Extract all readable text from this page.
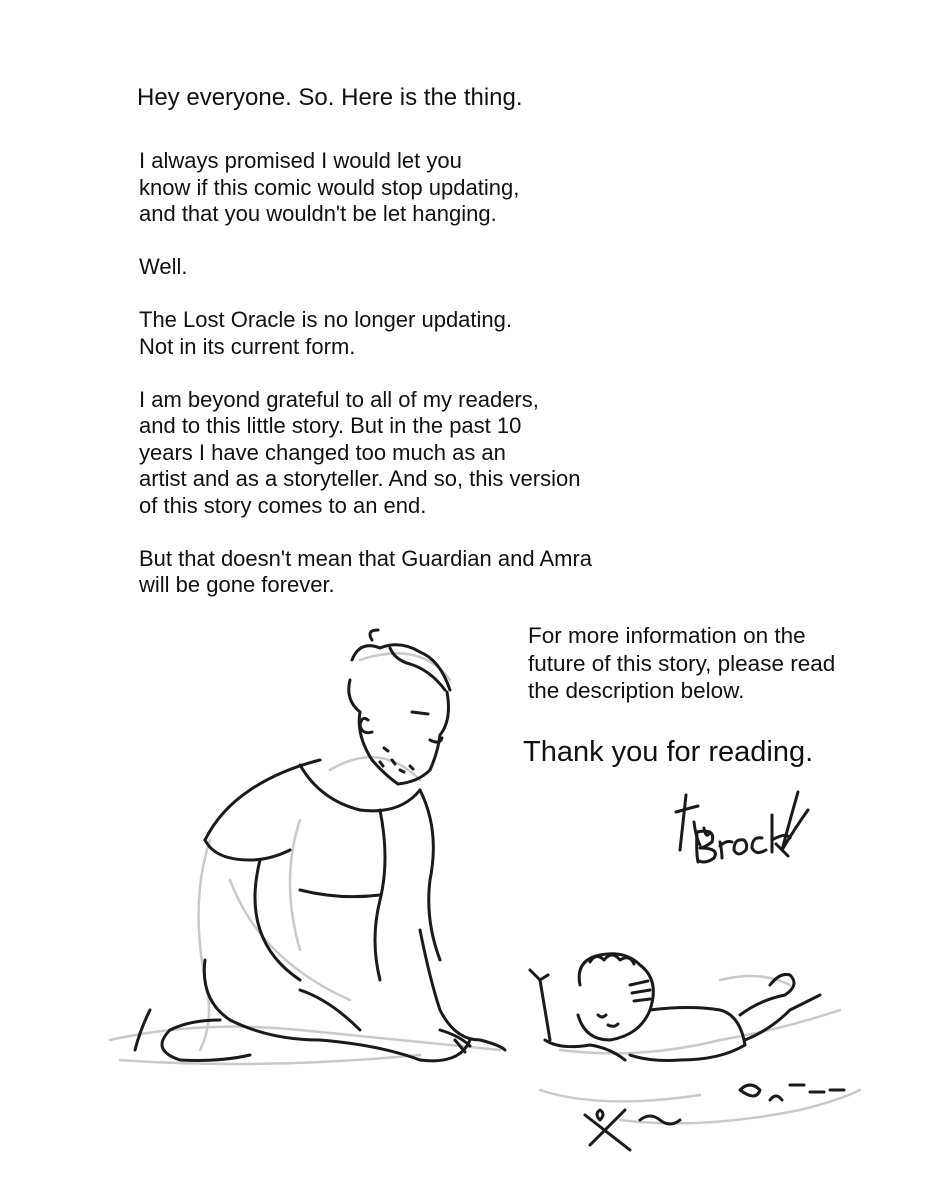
Hey everyone. So. Here is the thing.
I always promised I would let you
know if this comic would stop updating,
and that you wouldn't be let hanging.
Well.
The Lost Oracle is no longer updating.
Not in its current form.
I am beyond grateful to all of my readers,
and to this little story. But in the past 10
years I have changed too much as an
artist and as a storyteller. And so, this version
of this story comes to an end.
But that doesn't mean that Guardian and Amra
will be gone forever.
For more information on the
future of this story, please read
the description below.
Thank you for reading.
